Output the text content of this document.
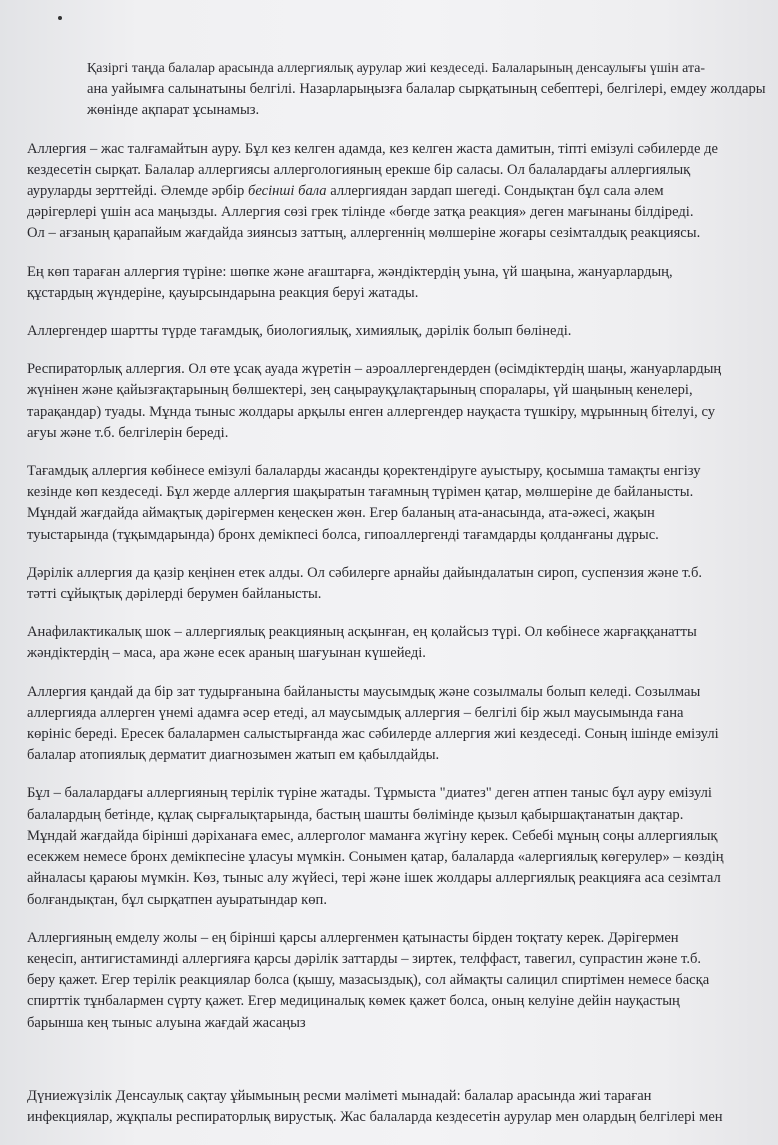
Қазіргі таңда балалар арасында аллергиялық аурулар жиі кездеседі. Балаларының денсаулығы үшін ата-
ана уайымға салынатыны белгілі. Назарларыңызға балалар сырқатының себептері, белгілері, емдеу жолдары
жөнінде ақпарат ұсынамыз.

Аллергия – жас талғамайтын ауру. Бұл кез келген адамда, кез келген жаста дамитын, тіпті емізулі сәбилерде де
кездесетін сырқат. Балалар аллергиясы аллергологияның ерекше бір саласы. Ол балалардағы аллергиялық
ауруларды зерттейді. Әлемде әрбір бесінші бала аллергиядан зардап шегеді. Сондықтан бұл сала әлем
дәрігерлері үшін аса маңызды. Аллергия сөзі грек тілінде «бөгде затқа реакция» деген мағынаны білдіреді.
Ол – ағзаның қарапайым жағдайда зиянсыз заттың, аллергеннің мөлшеріне жоғары сезімталдық реакциясы.

Ең көп тараған аллергия түріне: шөпке және ағаштарға, жәндіктердің уына, үй шаңына, жануарлардың,
құстардың жүндеріне, қауырсындарына реакция беруі жатады.

Аллергендер шартты түрде тағамдық, биологиялық, химиялық, дәрілік болып бөлінеді.

Респираторлық аллергия. Ол өте ұсақ ауада жүретін – аэроаллергендерден (өсімдіктердің шаңы, жануарлардың
жүнінен және қайызғақтарының бөлшектері, зең саңырауқұлақтарының споралары, үй шаңының кенелері,
тарақандар) туады. Мұнда тыныс жолдары арқылы енген аллергендер науқаста түшкіру, мұрынның бітелуі, су
ағуы және т.б. белгілерін береді.

Тағамдық аллергия көбінесе емізулі балаларды жасанды қоректендіруге ауыстыру, қосымша тамақты енгізу
кезінде көп кездеседі. Бұл жерде аллергия шақыратын тағамның түрімен қатар, мөлшеріне де байланысты.
Мұндай жағдайда аймақтық дәрігермен кеңескен жөн. Егер баланың ата-анасында, ата-әжесі, жақын
туыстарында (тұқымдарында) бронх демікпесі болса, гипоаллергенді тағамдарды қолданғаны дұрыс.

Дәрілік аллергия да қазір кеңінен етек алды. Ол сәбилерге арнайы дайындалатын сироп, суспензия және т.б.
тәтті сұйықтық дәрілерді берумен байланысты.

Анафилактикалық шок – аллергиялық реакцияның асқынған, ең қолайсыз түрі. Ол көбінесе жарғаққанатты
жәндіктердің – маса, ара және есек араның шағуынан күшейеді.

Аллергия қандай да бір зат тудырғанына байланысты маусымдық және созылмалы болып келеді. Созылмаы
аллергияда аллерген үнемі адамға әсер етеді, ал маусымдық аллергия – белгілі бір жыл маусымында ғана
көрініс береді. Ересек балалармен салыстырғанда жас сәбилерде аллергия жиі кездеседі. Соның ішінде емізулі
балалар атопиялық дерматит диагнозымен жатып ем қабылдайды.

Бұл – балалардағы аллергияның терілік түріне жатады. Тұрмыста "диатез" деген атпен таныс бұл ауру емізулі
балалардың бетінде, құлақ сырғалықтарында, бастың шашты бөлімінде қызыл қабыршақтанатын дақтар.
Мұндай жағдайда бірінші дәріханаға емес, аллерголог маманға жүгіну керек. Себебі мұның соңы аллергиялық
есекжем немесе бронх демікпесіне ұласуы мүмкін. Сонымен қатар, балаларда «алергиялық көгерулер» – көздің
айналасы қараюы мүмкін. Көз, тыныс алу жүйесі, тері және ішек жолдары аллергиялық реакцияға аса сезімтал
болғандықтан, бұл сырқатпен ауыратындар көп.

Аллергияның емделу жолы – ең бірінші қарсы аллергенмен қатынасты бірден тоқтату керек. Дәрігермен
кеңесіп, антигистаминді аллергияға қарсы дәрілік заттарды – зиртек, телффаст, тавегил, супрастин және т.б.
беру қажет. Егер терілік реакциялар болса (қышу, мазасыздық), сол аймақты салицил спиртімен немесе басқа
спирттік тұнбалармен сүрту қажет. Егер медициналық көмек қажет болса, оның келуіне дейін науқастың
барынша кең тыныс алуына жағдай жасаңыз

Дүниежүзілік Денсаулық сақтау ұйымының ресми мәліметі мынадай: балалар арасында жиі тараған
инфекциялар, жұқпалы респираторлық вирустық. Жас балаларда кездесетін аурулар мен олардың белгілері мен
